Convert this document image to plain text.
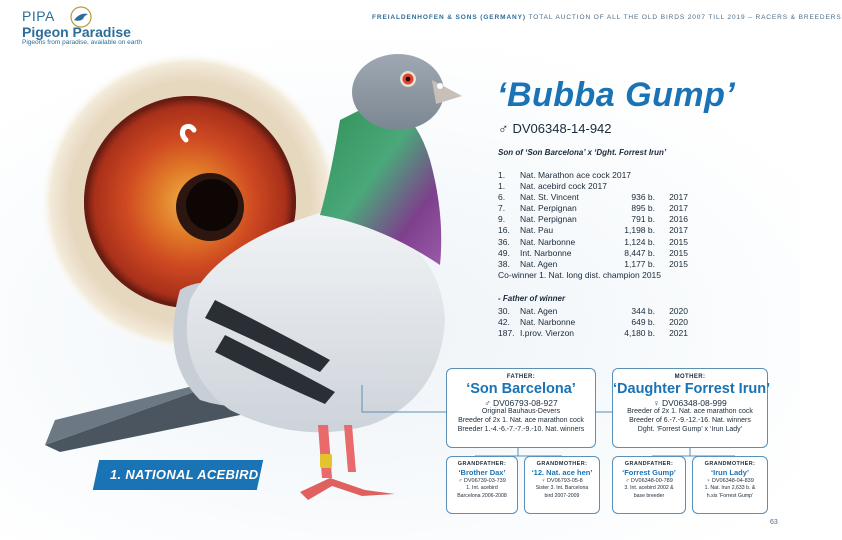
PIPA
Pigeon Paradise
Pigeons from paradise, available on earth
FREIALDENHOFEN & SONS (GERMANY) TOTAL AUCTION OF ALL THE OLD BIRDS 2007 TILL 2019 – RACERS & BREEDERS
‘Bubba Gump’
♂ DV06348-14-942
Son of ‘Son Barcelona’ x ‘Dght. Forrest Irun’
1. Nat. Marathon ace cock 2017
1. Nat. acebird cock 2017
6. Nat. St. Vincent	936 b. 2017
7. Nat. Perpignan	895 b. 2017
9. Nat. Perpignan	791 b. 2016
16. Nat. Pau	1,198 b. 2017
36. Nat. Narbonne	1,124 b. 2015
49. Int. Narbonne	8,447 b. 2015
38. Nat. Agen	1,177 b. 2015
Co-winner 1. Nat. long dist. champion 2015
- Father of winner
30. Nat. Agen	344 b. 2020
42. Nat. Narbonne	649 b. 2020
187. I.prov. Vierzon	4,180 b. 2021
1. NATIONAL ACEBIRD
FATHER:
‘Son Barcelona’
♂ DV06793-08-927
Original Bauhaus-Devers
Breeder of 2x 1. Nat. ace marathon cock
Breeder 1.-4.-6.-7.-7.-9.-10. Nat. winners
MOTHER:
‘Daughter Forrest Irun’
♀ DV06348-08-999
Breeder of 2x 1. Nat. ace marathon cock
Breeder of 6.-7.-9.-12.-16. Nat. winners
Dght. ‘Forrest Gump’ x ‘Irun Lady’
GRANDFATHER:
‘Brother Dax’
♂ DV06739-03-739
1. Int. acebird
Barcelona 2006-2008
GRANDMOTHER:
‘12. Nat. ace hen’
♀ DV06793-05-8
Sister 3. Int. Barcelona
bird 2007-2009
GRANDFATHER:
‘Forrest Gump’
♂ DV06348-00-789
3. Int. acebird 2002 &
base breeder
GRANDMOTHER:
‘Irun Lady’
♀ DV06348-04-839
1. Nat. Irun 2,633 b. &
h.sis ‘Forrest Gump’
63
